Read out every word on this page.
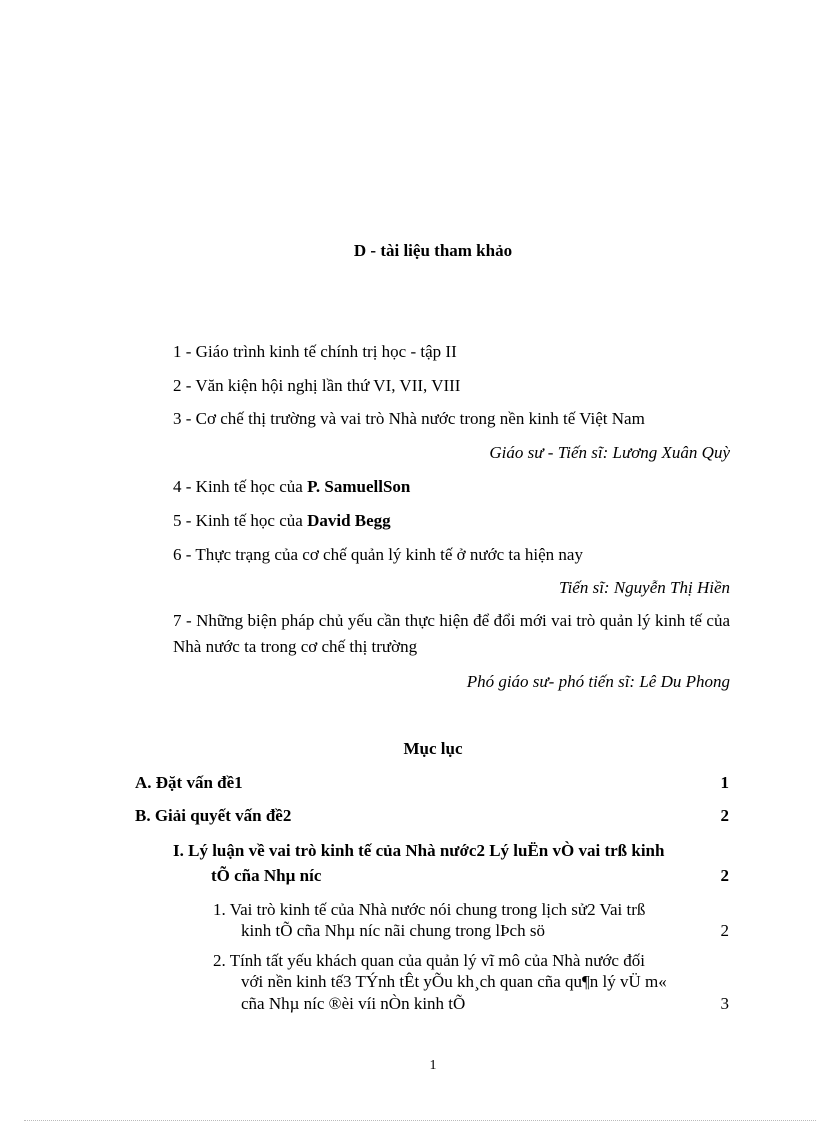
D - tài liệu tham khảo
1 - Giáo trình kinh tế chính trị học - tập II
2 - Văn kiện hội nghị lần thứ VI, VII, VIII
3 - Cơ chế thị trường và vai trò Nhà nước trong nền kinh tế Việt Nam
Giáo sư - Tiến sĩ: Lương Xuân Quỳ
4 - Kinh tế học của P. SamuellSon
5 - Kinh tế học của David Begg
6 - Thực trạng của cơ chế quản lý kinh tế ở nước ta hiện nay
Tiến sĩ: Nguyễn Thị Hiền
7 - Những biện pháp chủ yếu cần thực hiện để đổi mới vai trò quản lý kinh tế của Nhà nước ta trong cơ chế thị trường
Phó giáo sư- phó tiến sĩ: Lê Du Phong
Mục lục
A. Đặt vấn đề1	1
B. Giải quyết vấn đề2	2
I. Lý luận về vai trò kinh tế của Nhà nước2 Lý luËn vÒ vai trß kinh
tÕ cña Nhµ níc	2
1. Vai trò kinh tế của Nhà nước nói chung trong lịch sử2 Vai trß
kinh tÕ cña Nhµ níc nãi chung trong lÞch sö	2
2. Tính tất yếu khách quan của quản lý vĩ mô của Nhà nước đối
với nền kinh tế3 TÝnh tÊt yÕu kh¸ch quan cña qu¶n lý vÜ m«
cña Nhµ níc ®èi víi nÒn kinh tÕ	3
1
